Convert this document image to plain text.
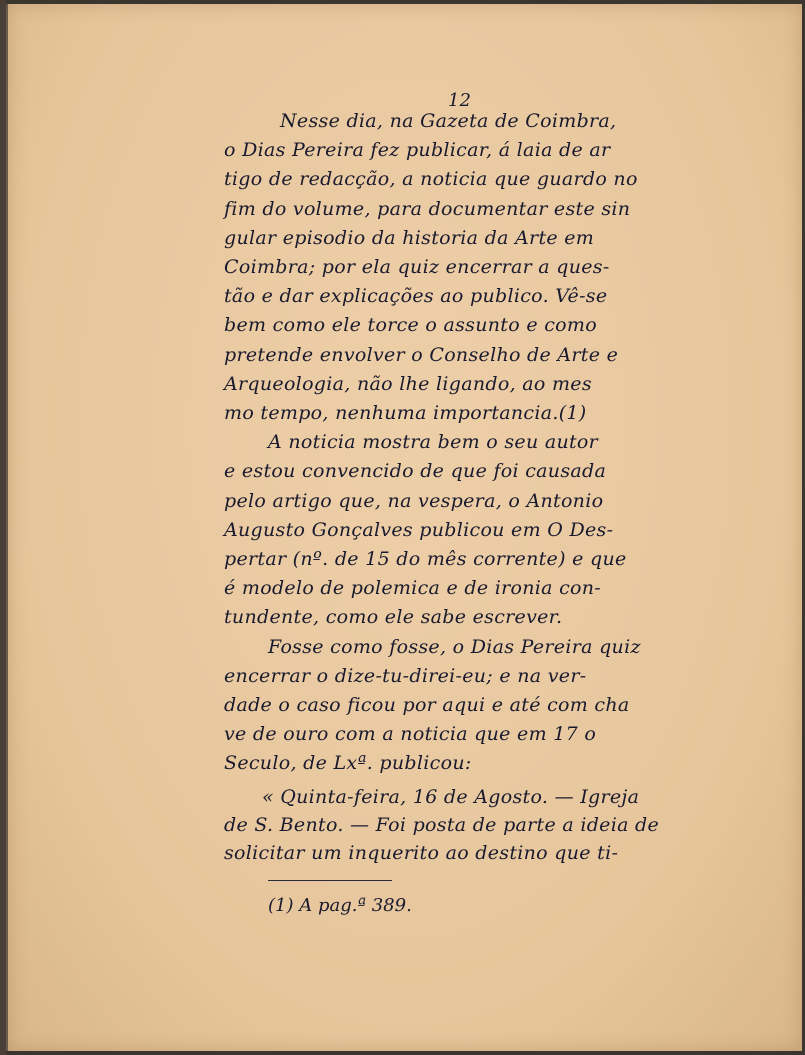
12
Nesse dia, na Gazeta de Coimbra,
o Dias Pereira fez publicar, á laia de ar
tigo de redacção, a noticia que guardo no
fim do volume, para documentar este sin
gular episodio da historia da Arte em
Coimbra; por ela quiz encerrar a ques-
tão e dar explicações ao publico. Vê-se
bem como ele torce o assunto e como
pretende envolver o Conselho de Arte e
Arqueologia, não lhe ligando, ao mes
mo tempo, nenhuma importancia.(1)
A noticia mostra bem o seu autor
e estou convencido de que foi causada
pelo artigo que, na vespera, o Antonio
Augusto Gonçalves publicou em O Des-
pertar (nº. de 15 do mês corrente) e que
é modelo de polemica e de ironia con-
tundente, como ele sabe escrever.
Fosse como fosse, o Dias Pereira quiz
encerrar o dize-tu-direi-eu; e na ver-
dade o caso ficou por aqui e até com cha
ve de ouro com a noticia que em 17 o
Seculo, de Lxª. publicou:
« Quinta-feira, 16 de Agosto. — Igreja
de S. Bento. — Foi posta de parte a ideia de
solicitar um inquerito ao destino que ti-
(1) A pag.ª 389.
